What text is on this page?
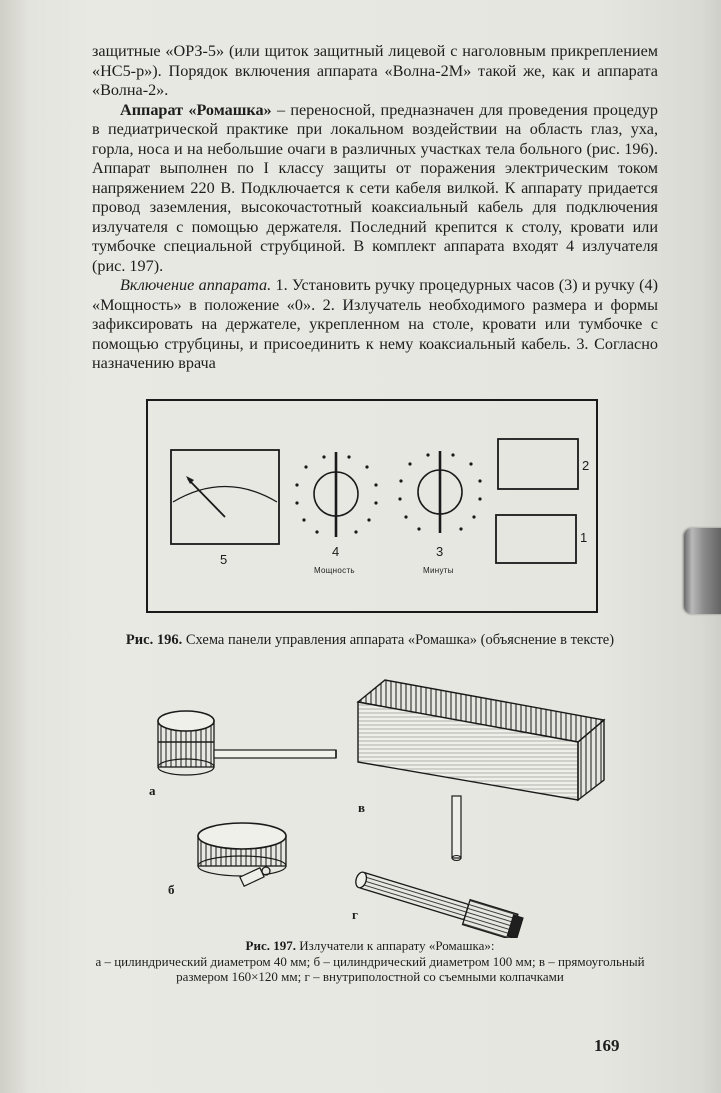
защитные «ОРЗ-5» (или щиток защитный лицевой с наголовным прикреплением «НС5-р»). Порядок включения аппарата «Волна-2М» такой же, как и аппарата «Волна-2».

Аппарат «Ромашка» – переносной, предназначен для проведения процедур в педиатрической практике при локальном воздействии на область глаз, уха, горла, носа и на небольшие очаги в различных участках тела больного (рис. 196). Аппарат выполнен по I классу защиты от поражения электрическим током напряжением 220 В. Подключается к сети кабеля вилкой. К аппарату придается провод заземления, высокочастотный коаксиальный кабель для подключения излучателя с помощью держателя. Последний крепится к столу, кровати или тумбочке специальной струбциной. В комплект аппарата входят 4 излучателя (рис. 197).

Включение аппарата. 1. Установить ручку процедурных часов (3) и ручку (4) «Мощность» в положение «0». 2. Излучатель необходимого размера и формы зафиксировать на держателе, укрепленном на столе, кровати или тумбочке с помощью струбцины, и присоединить к нему коаксиальный кабель. 3. Согласно назначению врача

5
4
Мощность
3
Минуты
2
1
Рис. 196. Схема панели управления аппарата «Ромашка» (объяснение в тексте)
а
б
в
г
Рис. 197. Излучатели к аппарату «Ромашка»:
а – цилиндрический диаметром 40 мм; б – цилиндрический диаметром 100 мм; в – прямоугольный размером 160×120 мм; г – внутриполостной со съемными колпачками
169
